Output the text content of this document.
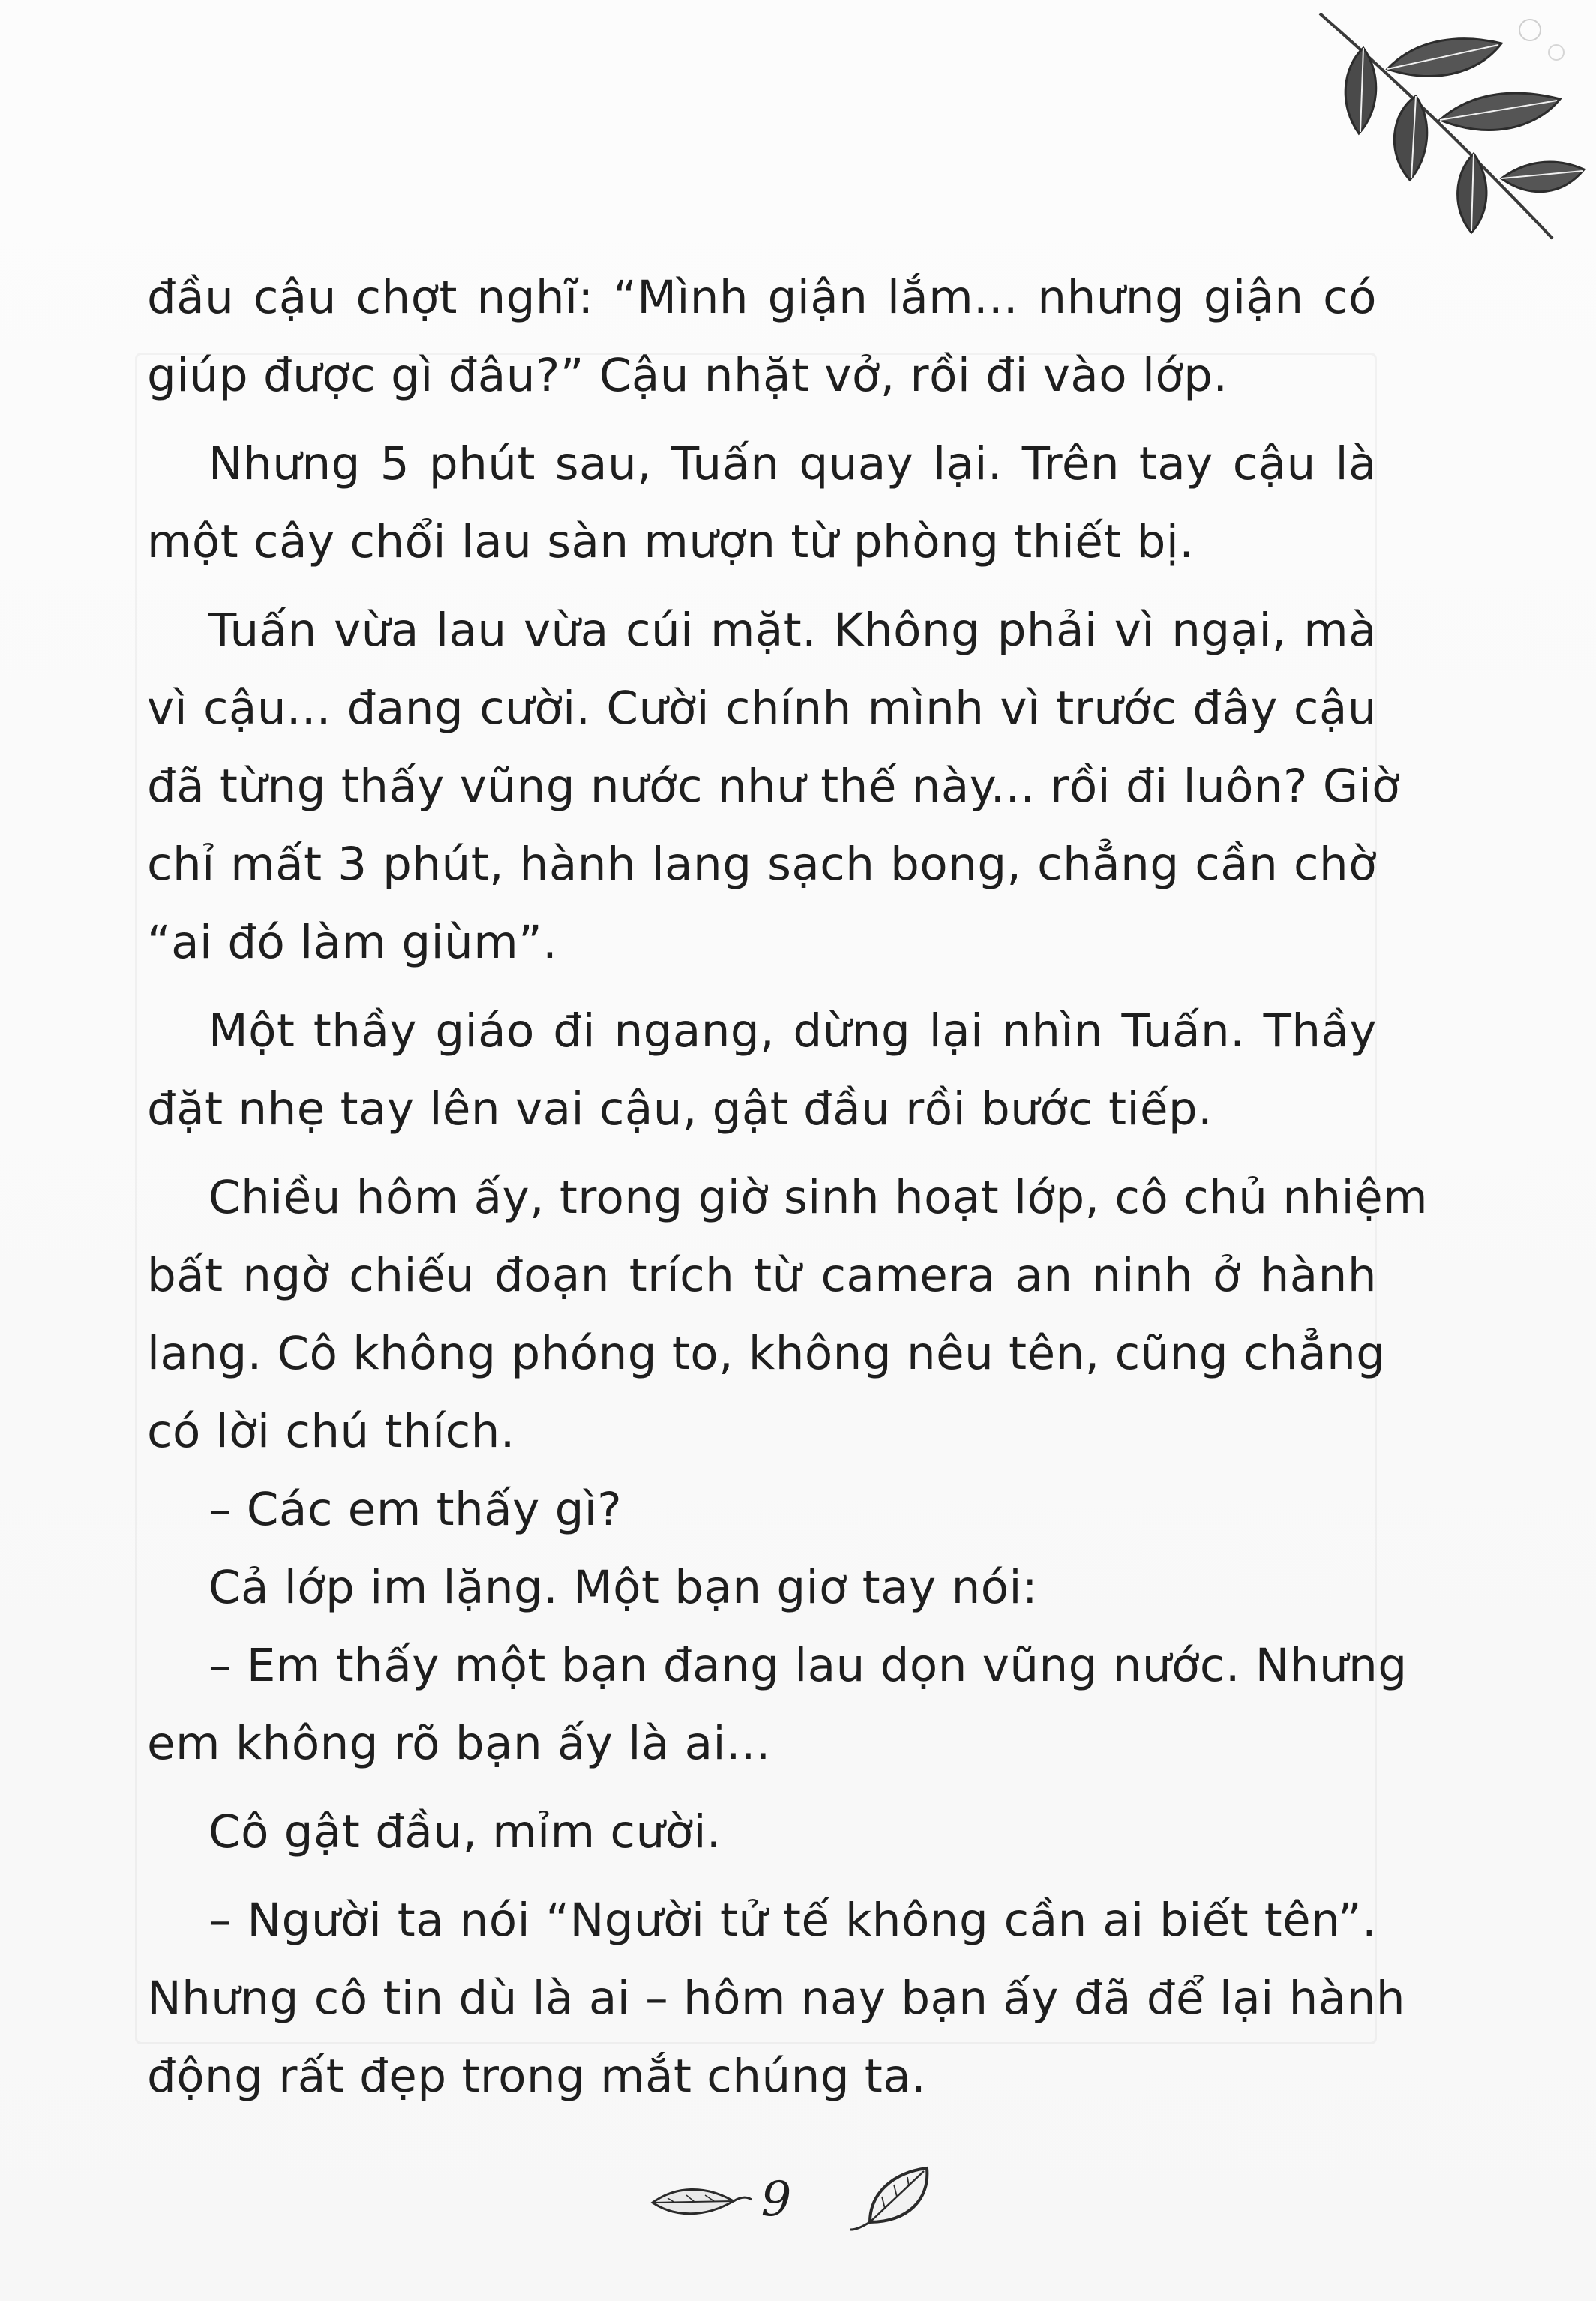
đầu cậu chợt nghĩ: “Mình giận lắm... nhưng giận có
giúp được gì đâu?” Cậu nhặt vở, rồi đi vào lớp.
Nhưng 5 phút sau, Tuấn quay lại. Trên tay cậu là
một cây chổi lau sàn mượn từ phòng thiết bị.
Tuấn vừa lau vừa cúi mặt. Không phải vì ngại, mà
vì cậu... đang cười. Cười chính mình vì trước đây cậu
đã từng thấy vũng nước như thế này... rồi đi luôn? Giờ
chỉ mất 3 phút, hành lang sạch bong, chẳng cần chờ
“ai đó làm giùm”.
Một thầy giáo đi ngang, dừng lại nhìn Tuấn. Thầy
đặt nhẹ tay lên vai cậu, gật đầu rồi bước tiếp.
Chiều hôm ấy, trong giờ sinh hoạt lớp, cô chủ nhiệm
bất ngờ chiếu đoạn trích từ camera an ninh ở hành
lang. Cô không phóng to, không nêu tên, cũng chẳng
có lời chú thích.
– Các em thấy gì?
Cả lớp im lặng. Một bạn giơ tay nói:
– Em thấy một bạn đang lau dọn vũng nước. Nhưng
em không rõ bạn ấy là ai...
Cô gật đầu, mỉm cười.
– Người ta nói “Người tử tế không cần ai biết tên”.
Nhưng cô tin dù là ai – hôm nay bạn ấy đã để lại hành
động rất đẹp trong mắt chúng ta.
9
